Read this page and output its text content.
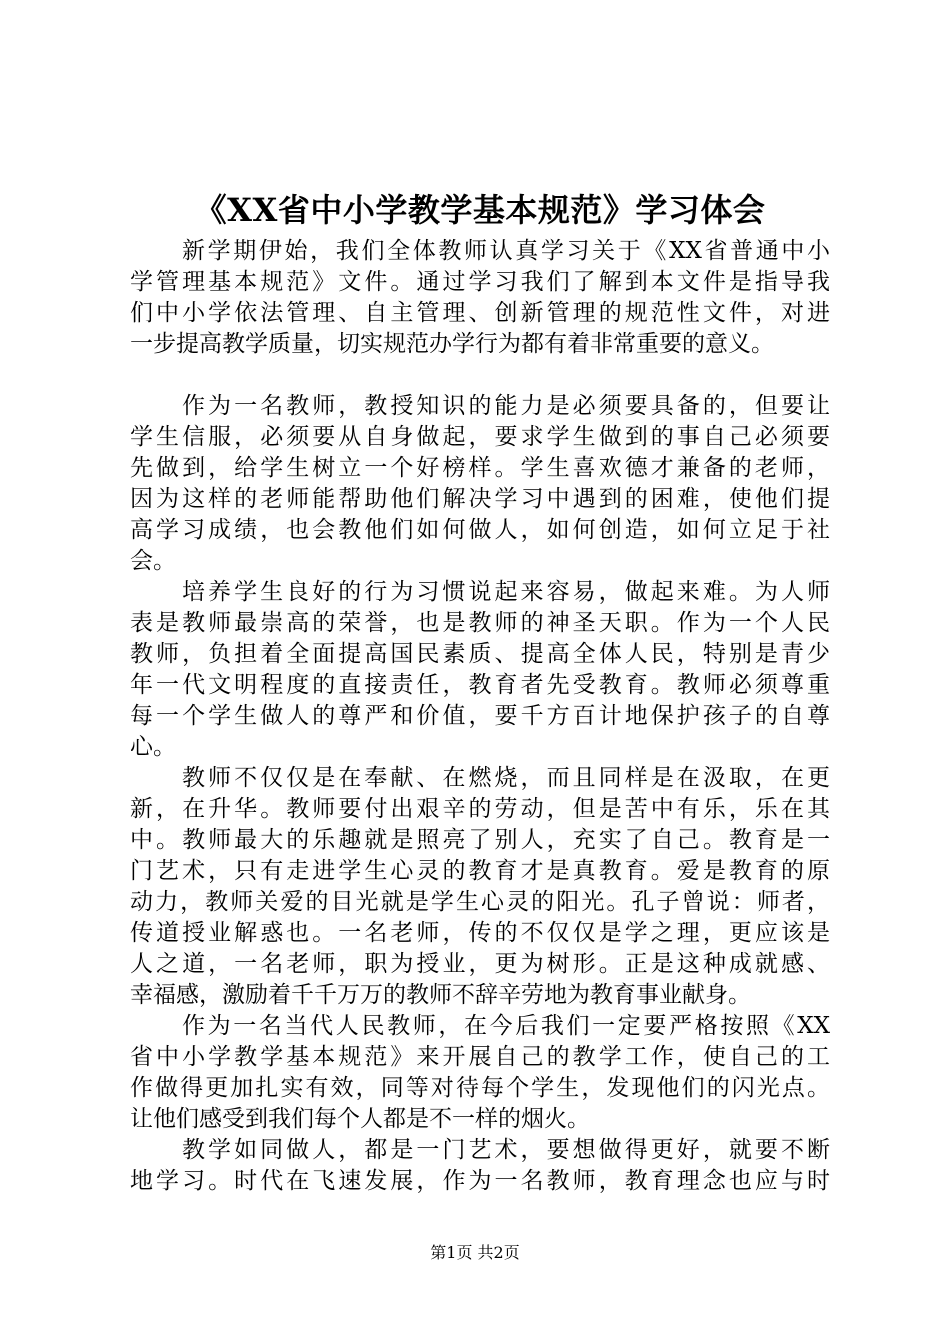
《XX省中小学教学基本规范》学习体会
新学期伊始，我们全体教师认真学习关于《XX省普通中小
学管理基本规范》文件。通过学习我们了解到本文件是指导我
们中小学依法管理、自主管理、创新管理的规范性文件，对进
一步提高教学质量，切实规范办学行为都有着非常重要的意义。
作为一名教师，教授知识的能力是必须要具备的，但要让
学生信服，必须要从自身做起，要求学生做到的事自己必须要
先做到，给学生树立一个好榜样。学生喜欢德才兼备的老师，
因为这样的老师能帮助他们解决学习中遇到的困难，使他们提
高学习成绩，也会教他们如何做人，如何创造，如何立足于社
会。
培养学生良好的行为习惯说起来容易，做起来难。为人师
表是教师最崇高的荣誉，也是教师的神圣天职。作为一个人民
教师，负担着全面提高国民素质、提高全体人民，特别是青少
年一代文明程度的直接责任，教育者先受教育。教师必须尊重
每一个学生做人的尊严和价值，要千方百计地保护孩子的自尊
心。
教师不仅仅是在奉献、在燃烧，而且同样是在汲取，在更
新，在升华。教师要付出艰辛的劳动，但是苦中有乐，乐在其
中。教师最大的乐趣就是照亮了别人，充实了自己。教育是一
门艺术，只有走进学生心灵的教育才是真教育。爱是教育的原
动力，教师关爱的目光就是学生心灵的阳光。孔子曾说：师者，
传道授业解惑也。一名老师，传的不仅仅是学之理，更应该是
人之道，一名老师，职为授业，更为树形。正是这种成就感、
幸福感，激励着千千万万的教师不辞辛劳地为教育事业献身。
作为一名当代人民教师，在今后我们一定要严格按照《XX
省中小学教学基本规范》来开展自己的教学工作，使自己的工
作做得更加扎实有效，同等对待每个学生，发现他们的闪光点。
让他们感受到我们每个人都是不一样的烟火。
教学如同做人，都是一门艺术，要想做得更好，就要不断
地学习。时代在飞速发展，作为一名教师，教育理念也应与时
第1页 共2页
